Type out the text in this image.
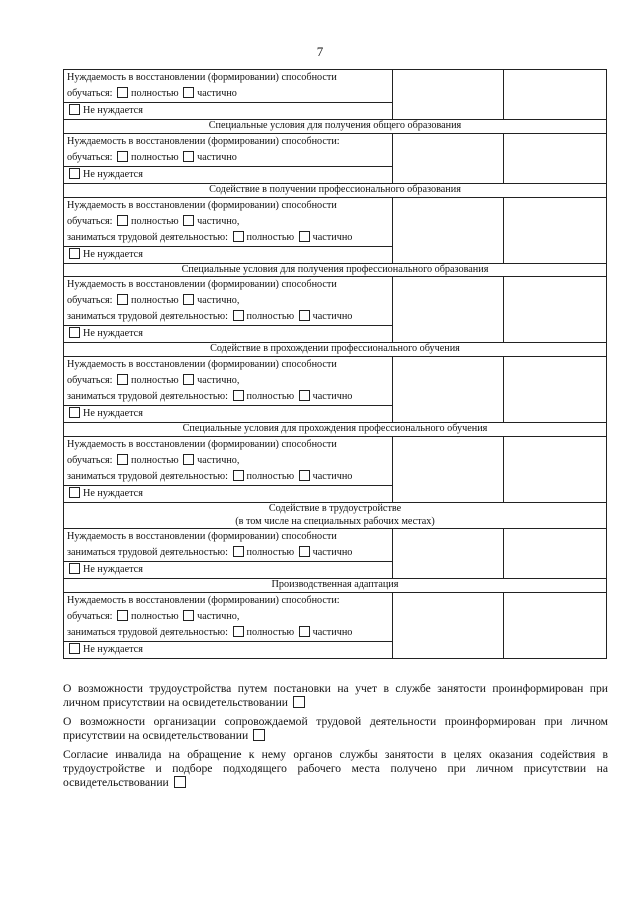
7
Нуждаемость в восстановлении (формировании) способности
обучаться: полностью частично		

Не нуждается		
Специальные условия для получения общего образования		

Нуждаемость в восстановлении (формировании) способности:
обучаться: полностью частично		

Не нуждается		
Содействие в получении профессионального образования		

Нуждаемость в восстановлении (формировании) способности
обучаться: полностью частично,
заниматься трудовой деятельностью: полностью частично		

Не нуждается		
Специальные условия для получения профессионального образования		

Нуждаемость в восстановлении (формировании) способности
обучаться: полностью частично,
заниматься трудовой деятельностью: полностью частично		

Не нуждается		
Содействие в прохождении профессионального обучения		

Нуждаемость в восстановлении (формировании) способности
обучаться: полностью частично,
заниматься трудовой деятельностью: полностью частично		

Не нуждается		
Специальные условия для прохождения профессионального обучения		

Нуждаемость в восстановлении (формировании) способности
обучаться: полностью частично,
заниматься трудовой деятельностью: полностью частично		

Не нуждается		

Содействие в трудоустройстве
(в том числе на специальных рабочих местах)		

Нуждаемость в восстановлении (формировании) способности
заниматься трудовой деятельностью: полностью частично		

Не нуждается		
Производственная адаптация		

Нуждаемость в восстановлении (формировании) способности:
обучаться: полностью частично,
заниматься трудовой деятельностью: полностью частично		

Не нуждается		

О возможности трудоустройства путем постановки на учет в службе занятости проинформирован при личном присутствии на освидетельствовании

О возможности организации сопровождаемой трудовой деятельности проинформирован при личном присутствии на освидетельствовании

Согласие инвалида на обращение к нему органов службы занятости в целях оказания содействия в трудоустройстве и подборе подходящего рабочего места получено при личном присутствии на освидетельствовании
